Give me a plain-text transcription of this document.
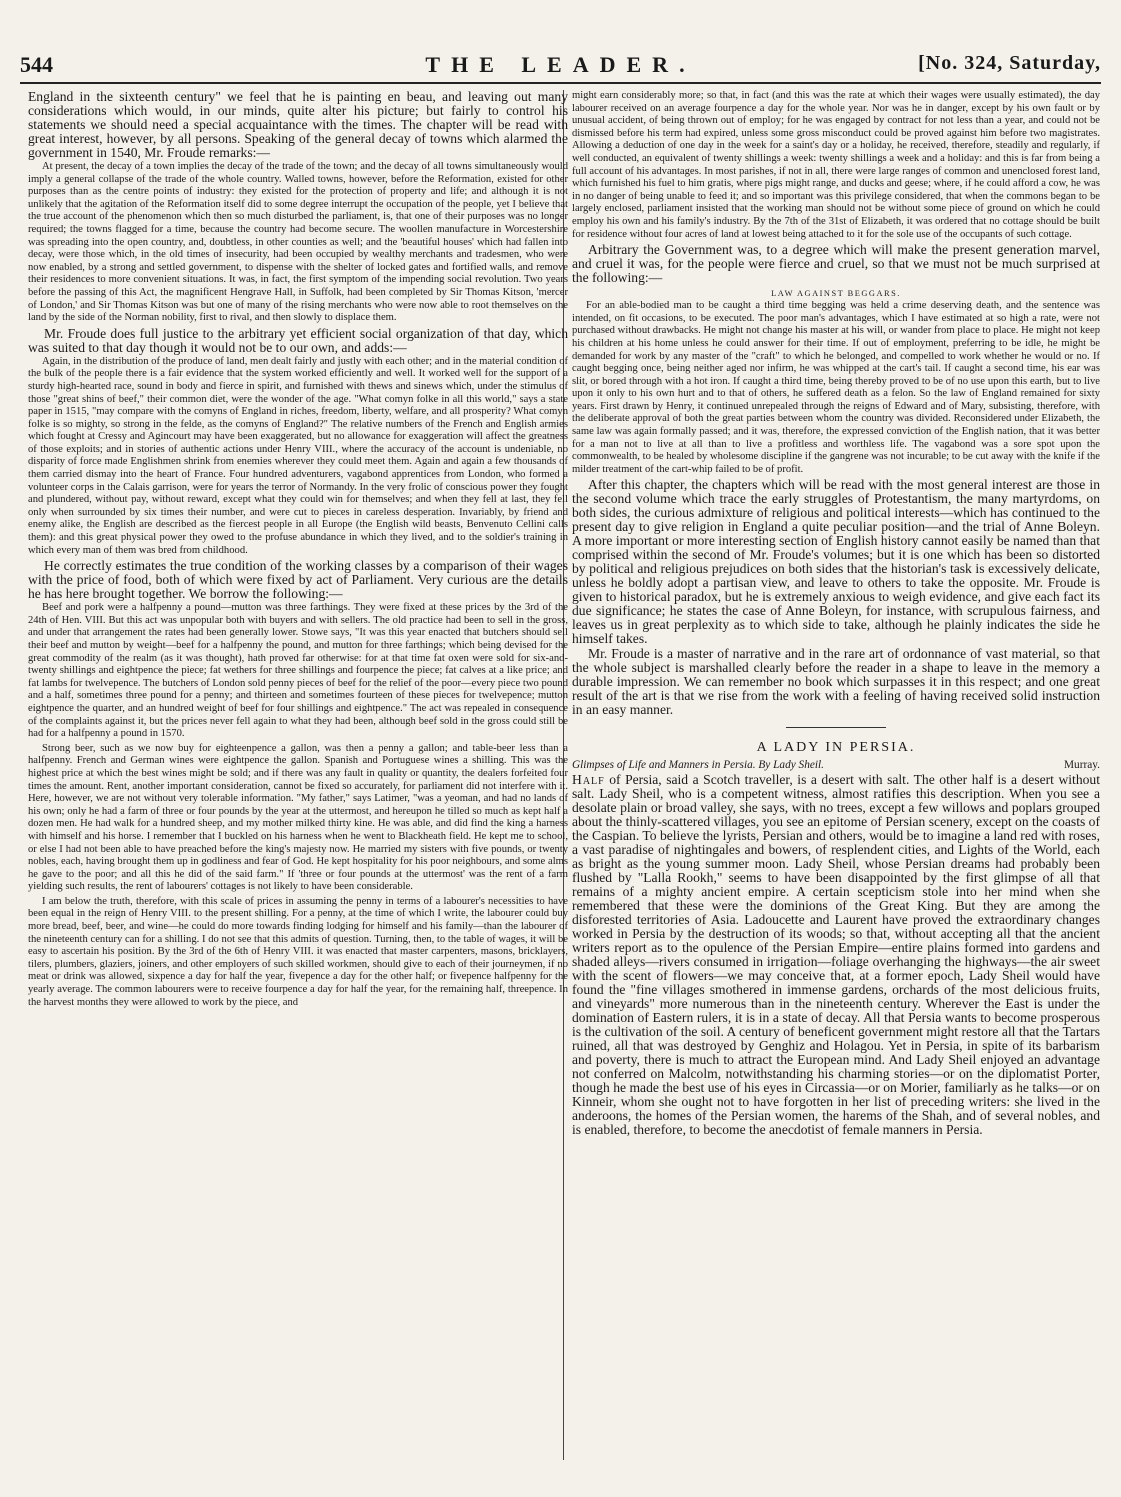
544	THE LEADER.	[No. 324, Saturday,

England in the sixteenth century" we feel that he is painting en beau, and leaving out many considerations which would, in our minds, quite alter his picture; but fairly to control his statements we should need a special acquaintance with the times. The chapter will be read with great interest, however, by all persons. Speaking of the general decay of towns which alarmed the government in 1540, Mr. Froude remarks:—

At present, the decay of a town implies the decay of the trade of the town; and the decay of all towns simultaneously would imply a general collapse of the trade of the whole country. Walled towns, however, before the Reformation, existed for other purposes than as the centre points of industry: they existed for the protection of property and life; and although it is not unlikely that the agitation of the Reformation itself did to some degree interrupt the occupation of the people, yet I believe that the true account of the phenomenon which then so much disturbed the parliament, is, that one of their purposes was no longer required; the towns flagged for a time, because the country had become secure. The woollen manufacture in Worcestershire was spreading into the open country, and, doubtless, in other counties as well; and the 'beautiful houses' which had fallen into decay, were those which, in the old times of insecurity, had been occupied by wealthy merchants and tradesmen, who were now enabled, by a strong and settled government, to dispense with the shelter of locked gates and fortified walls, and remove their residences to more convenient situations. It was, in fact, the first symptom of the impending social revolution. Two years before the passing of this Act, the magnificent Hengrave Hall, in Suffolk, had been completed by Sir Thomas Kitson, 'mercer of London,' and Sir Thomas Kitson was but one of many of the rising merchants who were now able to root themselves on the land by the side of the Norman nobility, first to rival, and then slowly to displace them.

Mr. Froude does full justice to the arbitrary yet efficient social organization of that day, which was suited to that day though it would not be to our own, and adds:—

Again, in the distribution of the produce of land, men dealt fairly and justly with each other; and in the material condition of the bulk of the people there is a fair evidence that the system worked efficiently and well. It worked well for the support of a sturdy high-hearted race, sound in body and fierce in spirit, and furnished with thews and sinews which, under the stimulus of those "great shins of beef," their common diet, were the wonder of the age. "What comyn folke in all this world," says a state paper in 1515, "may compare with the comyns of England in riches, freedom, liberty, welfare, and all prosperity? What comyn folke is so mighty, so strong in the felde, as the comyns of England?" The relative numbers of the French and English armies which fought at Cressy and Agincourt may have been exaggerated, but no allowance for exaggeration will affect the greatness of those exploits; and in stories of authentic actions under Henry VIII., where the accuracy of the account is undeniable, no disparity of force made Englishmen shrink from enemies wherever they could meet them. Again and again a few thousands of them carried dismay into the heart of France. Four hundred adventurers, vagabond apprentices from London, who formed a volunteer corps in the Calais garrison, were for years the terror of Normandy. In the very frolic of conscious power they fought and plundered, without pay, without reward, except what they could win for themselves; and when they fell at last, they fell only when surrounded by six times their number, and were cut to pieces in careless desperation. Invariably, by friend and enemy alike, the English are described as the fiercest people in all Europe (the English wild beasts, Benvenuto Cellini calls them): and this great physical power they owed to the profuse abundance in which they lived, and to the soldier's training in which every man of them was bred from childhood.

He correctly estimates the true condition of the working classes by a comparison of their wages with the price of food, both of which were fixed by act of Parliament. Very curious are the details he has here brought together. We borrow the following:—

Beef and pork were a halfpenny a pound—mutton was three farthings. They were fixed at these prices by the 3rd of the 24th of Hen. VIII. But this act was unpopular both with buyers and with sellers. The old practice had been to sell in the gross, and under that arrangement the rates had been generally lower. Stowe says, "It was this year enacted that butchers should sell their beef and mutton by weight—beef for a halfpenny the pound, and mutton for three farthings; which being devised for the great commodity of the realm (as it was thought), hath proved far otherwise: for at that time fat oxen were sold for six-and-twenty shillings and eightpence the piece; fat wethers for three shillings and fourpence the piece; fat calves at a like price; and fat lambs for twelvepence. The butchers of London sold penny pieces of beef for the relief of the poor—every piece two pound and a half, sometimes three pound for a penny; and thirteen and sometimes fourteen of these pieces for twelvepence; mutton eightpence the quarter, and an hundred weight of beef for four shillings and eightpence." The act was repealed in consequence of the complaints against it, but the prices never fell again to what they had been, although beef sold in the gross could still be had for a halfpenny a pound in 1570.

Strong beer, such as we now buy for eighteenpence a gallon, was then a penny a gallon; and table-beer less than a halfpenny. French and German wines were eightpence the gallon. Spanish and Portuguese wines a shilling. This was the highest price at which the best wines might be sold; and if there was any fault in quality or quantity, the dealers forfeited four times the amount. Rent, another important consideration, cannot be fixed so accurately, for parliament did not interfere with it. Here, however, we are not without very tolerable information. "My father," says Latimer, "was a yeoman, and had no lands of his own; only he had a farm of three or four pounds by the year at the uttermost, and hereupon he tilled so much as kept half a dozen men. He had walk for a hundred sheep, and my mother milked thirty kine. He was able, and did find the king a harness with himself and his horse. I remember that I buckled on his harness when he went to Blackheath field. He kept me to school, or else I had not been able to have preached before the king's majesty now. He married my sisters with five pounds, or twenty nobles, each, having brought them up in godliness and fear of God. He kept hospitality for his poor neighbours, and some alms he gave to the poor; and all this he did of the said farm." If 'three or four pounds at the uttermost' was the rent of a farm yielding such results, the rent of labourers' cottages is not likely to have been considerable.

I am below the truth, therefore, with this scale of prices in assuming the penny in terms of a labourer's necessities to have been equal in the reign of Henry VIII. to the present shilling. For a penny, at the time of which I write, the labourer could buy more bread, beef, beer, and wine—he could do more towards finding lodging for himself and his family—than the labourer of the nineteenth century can for a shilling. I do not see that this admits of question. Turning, then, to the table of wages, it will be easy to ascertain his position. By the 3rd of the 6th of Henry VIII. it was enacted that master carpenters, masons, bricklayers, tilers, plumbers, glaziers, joiners, and other employers of such skilled workmen, should give to each of their journeymen, if no meat or drink was allowed, sixpence a day for half the year, fivepence a day for the other half; or fivepence halfpenny for the yearly average. The common labourers were to receive fourpence a day for half the year, for the remaining half, threepence. In the harvest months they were allowed to work by the piece, and

might earn considerably more; so that, in fact (and this was the rate at which their wages were usually estimated), the day labourer received on an average fourpence a day for the whole year. Nor was he in danger, except by his own fault or by unusual accident, of being thrown out of employ; for he was engaged by contract for not less than a year, and could not be dismissed before his term had expired, unless some gross misconduct could be proved against him before two magistrates. Allowing a deduction of one day in the week for a saint's day or a holiday, he received, therefore, steadily and regularly, if well conducted, an equivalent of twenty shillings a week: twenty shillings a week and a holiday: and this is far from being a full account of his advantages. In most parishes, if not in all, there were large ranges of common and unenclosed forest land, which furnished his fuel to him gratis, where pigs might range, and ducks and geese; where, if he could afford a cow, he was in no danger of being unable to feed it; and so important was this privilege considered, that when the commons began to be largely enclosed, parliament insisted that the working man should not be without some piece of ground on which he could employ his own and his family's industry. By the 7th of the 31st of Elizabeth, it was ordered that no cottage should be built for residence without four acres of land at lowest being attached to it for the sole use of the occupants of such cottage.

Arbitrary the Government was, to a degree which will make the present generation marvel, and cruel it was, for the people were fierce and cruel, so that we must not be much surprised at the following:—

LAW AGAINST BEGGARS.

For an able-bodied man to be caught a third time begging was held a crime deserving death, and the sentence was intended, on fit occasions, to be executed. The poor man's advantages, which I have estimated at so high a rate, were not purchased without drawbacks. He might not change his master at his will, or wander from place to place. He might not keep his children at his home unless he could answer for their time. If out of employment, preferring to be idle, he might be demanded for work by any master of the "craft" to which he belonged, and compelled to work whether he would or no. If caught begging once, being neither aged nor infirm, he was whipped at the cart's tail. If caught a second time, his ear was slit, or bored through with a hot iron. If caught a third time, being thereby proved to be of no use upon this earth, but to live upon it only to his own hurt and to that of others, he suffered death as a felon. So the law of England remained for sixty years. First drawn by Henry, it continued unrepealed through the reigns of Edward and of Mary, subsisting, therefore, with the deliberate approval of both the great parties between whom the country was divided. Reconsidered under Elizabeth, the same law was again formally passed; and it was, therefore, the expressed conviction of the English nation, that it was better for a man not to live at all than to live a profitless and worthless life. The vagabond was a sore spot upon the commonwealth, to be healed by wholesome discipline if the gangrene was not incurable; to be cut away with the knife if the milder treatment of the cart-whip failed to be of profit.

After this chapter, the chapters which will be read with the most general interest are those in the second volume which trace the early struggles of Protestantism, the many martyrdoms, on both sides, the curious admixture of religious and political interests—which has continued to the present day to give religion in England a quite peculiar position—and the trial of Anne Boleyn. A more important or more interesting section of English history cannot easily be named than that comprised within the second of Mr. Froude's volumes; but it is one which has been so distorted by political and religious prejudices on both sides that the historian's task is excessively delicate, unless he boldly adopt a partisan view, and leave to others to take the opposite. Mr. Froude is given to historical paradox, but he is extremely anxious to weigh evidence, and give each fact its due significance; he states the case of Anne Boleyn, for instance, with scrupulous fairness, and leaves us in great perplexity as to which side to take, although he plainly indicates the side he himself takes.

Mr. Froude is a master of narrative and in the rare art of ordonnance of vast material, so that the whole subject is marshalled clearly before the reader in a shape to leave in the memory a durable impression. We can remember no book which surpasses it in this respect; and one great result of the art is that we rise from the work with a feeling of having received solid instruction in an easy manner.

A LADY IN PERSIA.
Glimpses of Life and Manners in Persia. By Lady Sheil.	Murray.

Half of Persia, said a Scotch traveller, is a desert with salt. The other half is a desert without salt. Lady Sheil, who is a competent witness, almost ratifies this description. When you see a desolate plain or broad valley, she says, with no trees, except a few willows and poplars grouped about the thinly-scattered villages, you see an epitome of Persian scenery, except on the coasts of the Caspian. To believe the lyrists, Persian and others, would be to imagine a land red with roses, a vast paradise of nightingales and bowers, of resplendent cities, and Lights of the World, each as bright as the young summer moon. Lady Sheil, whose Persian dreams had probably been flushed by "Lalla Rookh," seems to have been disappointed by the first glimpse of all that remains of a mighty ancient empire. A certain scepticism stole into her mind when she remembered that these were the dominions of the Great King. But they are among the disforested territories of Asia. Ladoucette and Laurent have proved the extraordinary changes worked in Persia by the destruction of its woods; so that, without accepting all that the ancient writers report as to the opulence of the Persian Empire—entire plains formed into gardens and shaded alleys—rivers consumed in irrigation—foliage overhanging the highways—the air sweet with the scent of flowers—we may conceive that, at a former epoch, Lady Sheil would have found the "fine villages smothered in immense gardens, orchards of the most delicious fruits, and vineyards" more numerous than in the nineteenth century. Wherever the East is under the domination of Eastern rulers, it is in a state of decay. All that Persia wants to become prosperous is the cultivation of the soil. A century of beneficent government might restore all that the Tartars ruined, all that was destroyed by Genghiz and Holagou. Yet in Persia, in spite of its barbarism and poverty, there is much to attract the European mind. And Lady Sheil enjoyed an advantage not conferred on Malcolm, notwithstanding his charming stories—or on the diplomatist Porter, though he made the best use of his eyes in Circassia—or on Morier, familiarly as he talks—or on Kinneir, whom she ought not to have forgotten in her list of preceding writers: she lived in the anderoons, the homes of the Persian women, the harems of the Shah, and of several nobles, and is enabled, therefore, to become the anecdotist of female manners in Persia.
